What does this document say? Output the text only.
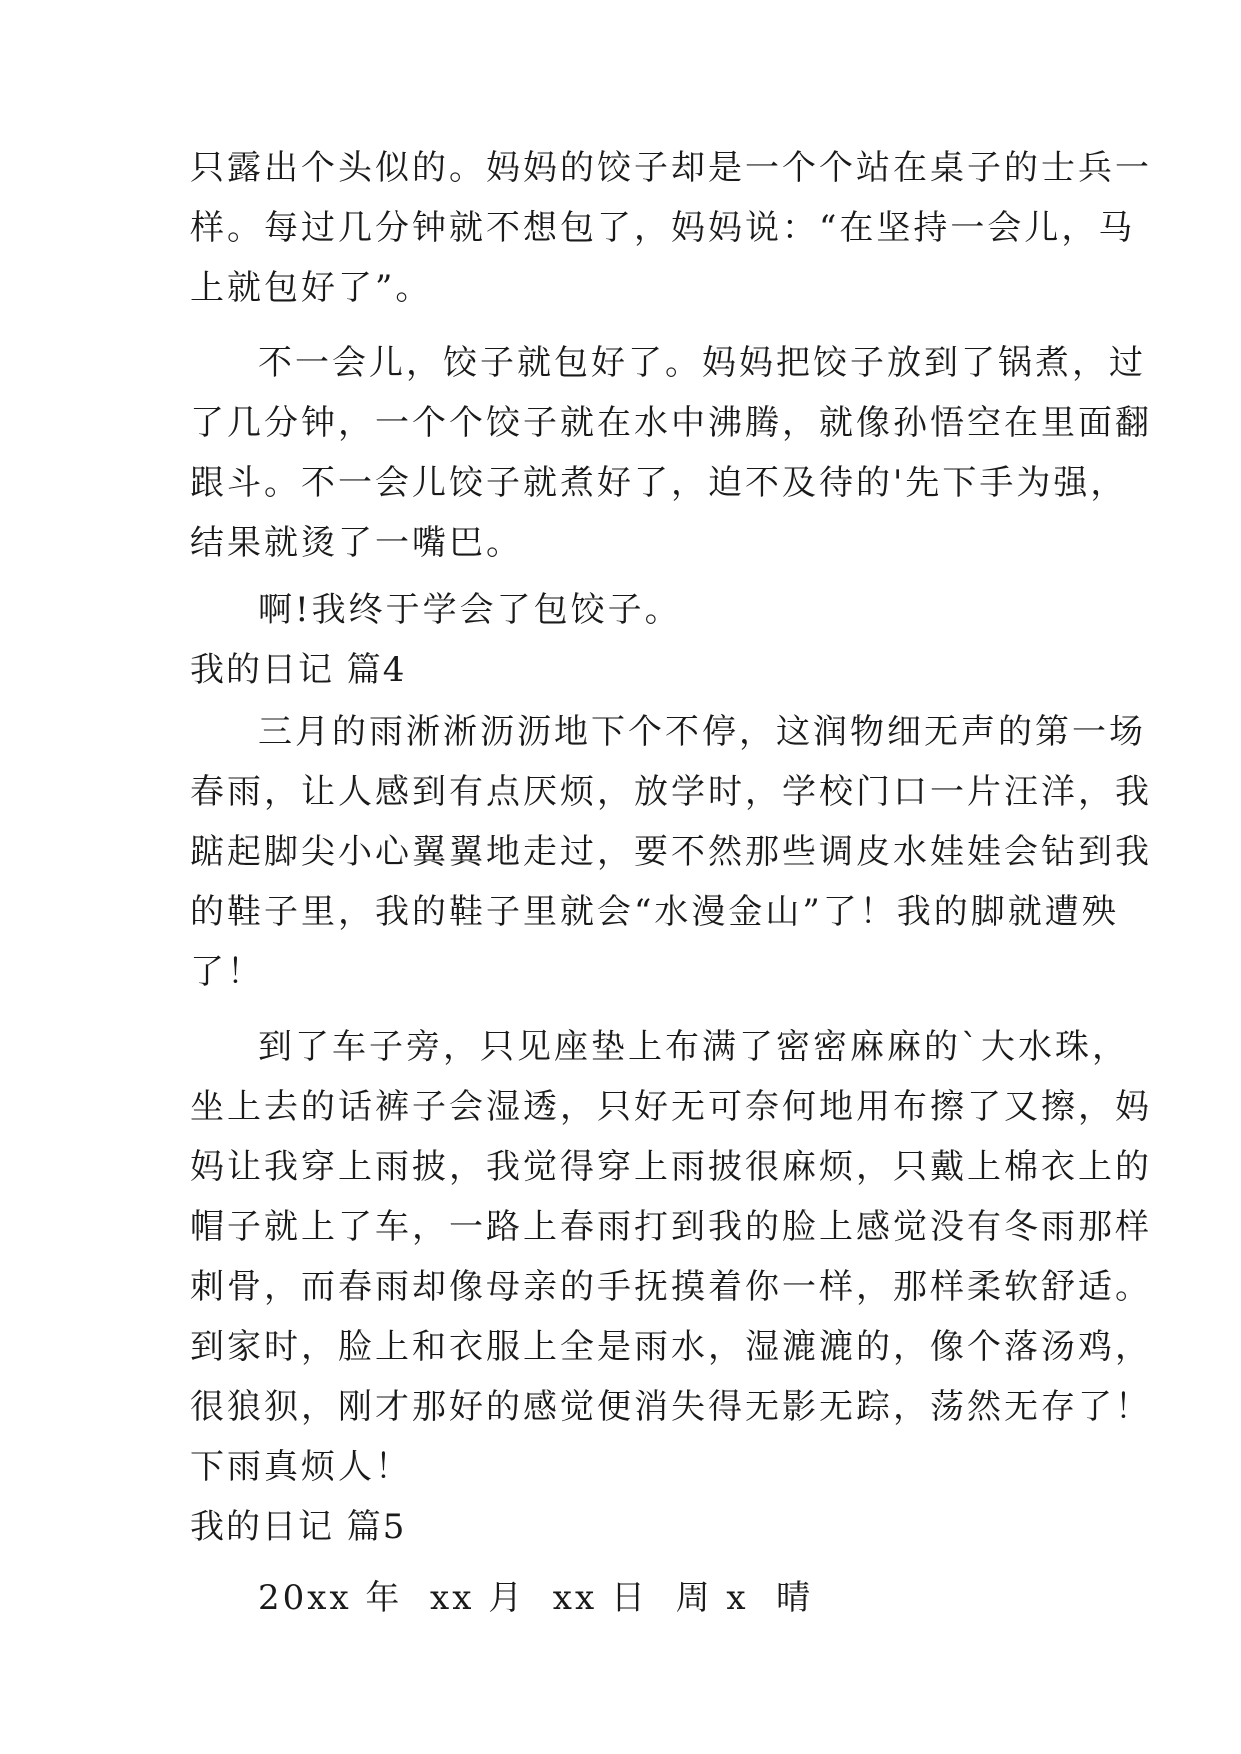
只露出个头似的。妈妈的饺子却是一个个站在桌子的士兵一
样。每过几分钟就不想包了，妈妈说：“在坚持一会儿，马
上就包好了”。
不一会儿，饺子就包好了。妈妈把饺子放到了锅煮，过
了几分钟，一个个饺子就在水中沸腾，就像孙悟空在里面翻
跟斗。不一会儿饺子就煮好了，迫不及待的'先下手为强，
结果就烫了一嘴巴。
啊!我终于学会了包饺子。
我的日记 篇4
三月的雨淅淅沥沥地下个不停，这润物细无声的第一场
春雨，让人感到有点厌烦，放学时，学校门口一片汪洋，我
踮起脚尖小心翼翼地走过，要不然那些调皮水娃娃会钻到我
的鞋子里，我的鞋子里就会“水漫金山”了！我的脚就遭殃
了！
到了车子旁，只见座垫上布满了密密麻麻的`大水珠，
坐上去的话裤子会湿透，只好无可奈何地用布擦了又擦，妈
妈让我穿上雨披，我觉得穿上雨披很麻烦，只戴上棉衣上的
帽子就上了车，一路上春雨打到我的脸上感觉没有冬雨那样
刺骨，而春雨却像母亲的手抚摸着你一样，那样柔软舒适。
到家时，脸上和衣服上全是雨水，湿漉漉的，像个落汤鸡，
很狼狈，刚才那好的感觉便消失得无影无踪，荡然无存了！
下雨真烦人！
我的日记 篇5
20xx 年  xx 月  xx 日  周 x  晴
